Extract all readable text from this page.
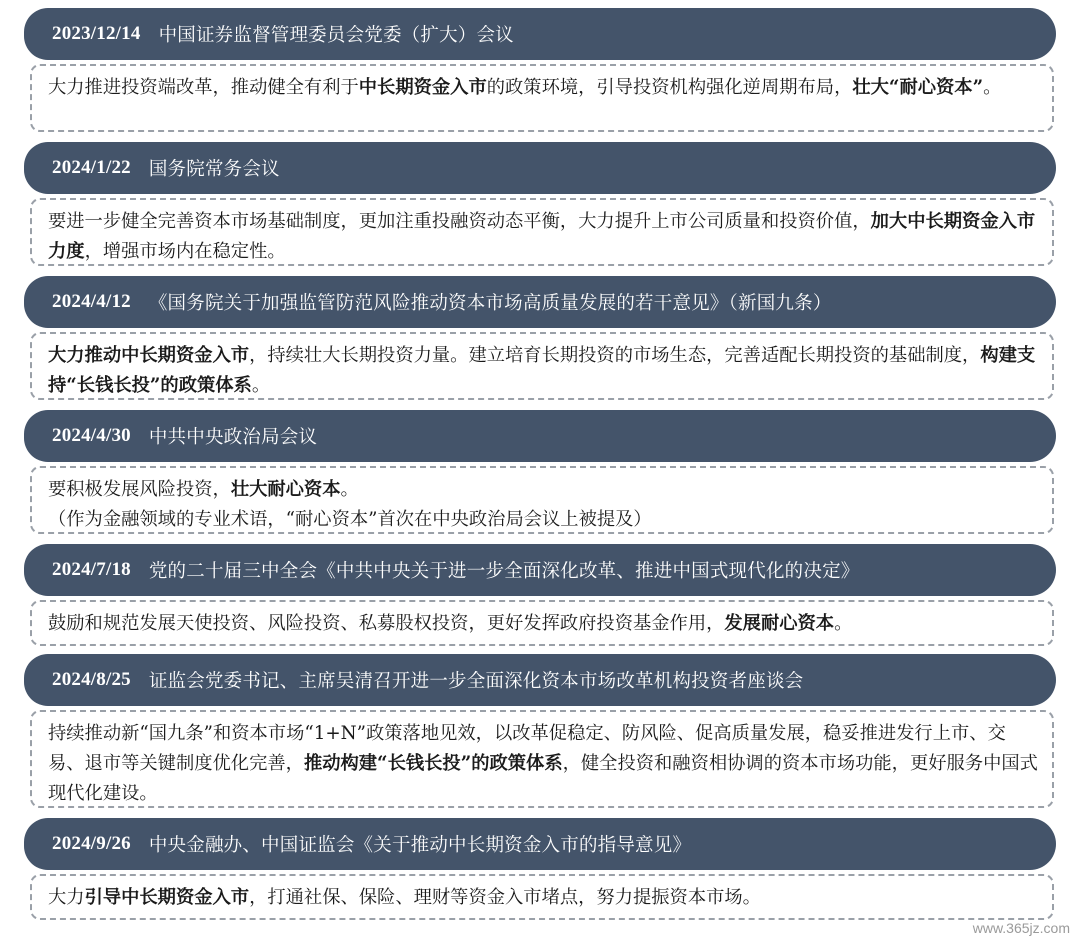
2023/12/14 中国证券监督管理委员会党委（扩大）会议
大力推进投资端改革，推动健全有利于中长期资金入市的政策环境，引导投资机构强化逆周期布局，壮大“耐心资本”。
2024/1/22 国务院常务会议
要进一步健全完善资本市场基础制度，更加注重投融资动态平衡，大力提升上市公司质量和投资价值，加大中长期资金入市力度，增强市场内在稳定性。
2024/4/12 《国务院关于加强监管防范风险推动资本市场高质量发展的若干意见》（新国九条）
大力推动中长期资金入市，持续壮大长期投资力量。建立培育长期投资的市场生态，完善适配长期投资的基础制度，构建支持“长钱长投”的政策体系。
2024/4/30 中共中央政治局会议
要积极发展风险投资，壮大耐心资本。
（作为金融领域的专业术语，“耐心资本”首次在中央政治局会议上被提及）
2024/7/18 党的二十届三中全会《中共中央关于进一步全面深化改革、推进中国式现代化的决定》
鼓励和规范发展天使投资、风险投资、私募股权投资，更好发挥政府投资基金作用，发展耐心资本。
2024/8/25 证监会党委书记、主席吴清召开进一步全面深化资本市场改革机构投资者座谈会
持续推动新“国九条”和资本市场“1+N”政策落地见效，以改革促稳定、防风险、促高质量发展，稳妥推进发行上市、交易、退市等关键制度优化完善，推动构建“长钱长投”的政策体系，健全投资和融资相协调的资本市场功能，更好服务中国式现代化建设。
2024/9/26 中央金融办、中国证监会《关于推动中长期资金入市的指导意见》
大力引导中长期资金入市，打通社保、保险、理财等资金入市堵点，努力提振资本市场。
www.365jz.com
